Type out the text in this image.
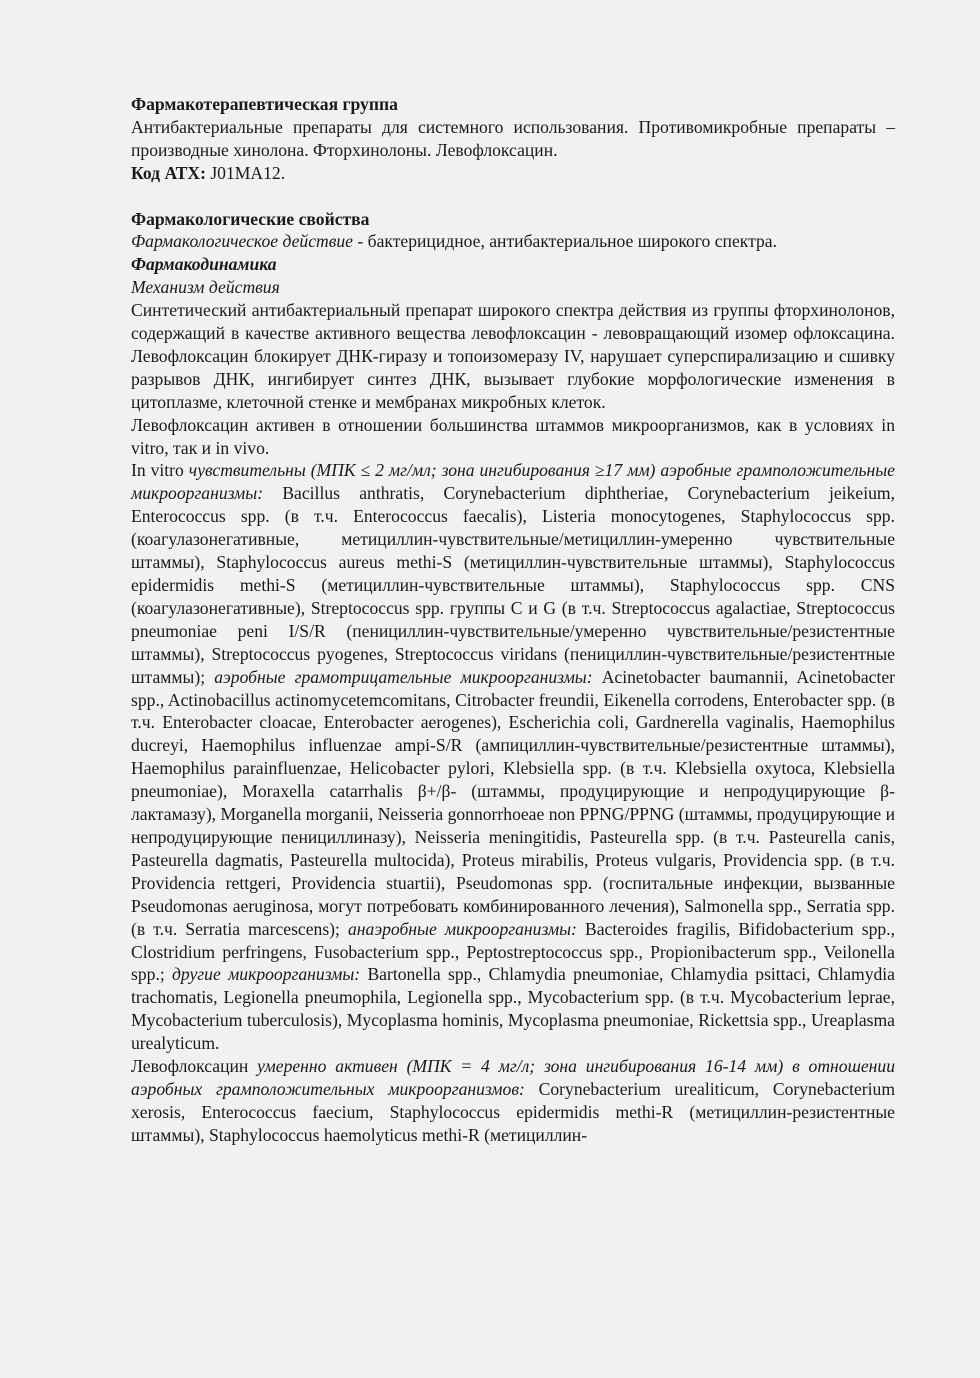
Фармакотерапевтическая группа
Антибактериальные препараты для системного использования. Противомикробные препараты – производные хинолона. Фторхинолоны. Левофлоксацин.
Код АТХ: J01MA12.
Фармакологические свойства
Фармакологическое действие - бактерицидное, антибактериальное широкого спектра.
Фармакодинамика
Механизм действия
Синтетический антибактериальный препарат широкого спектра действия из группы фторхинолонов, содержащий в качестве активного вещества левофлоксацин - левовращающий изомер офлоксацина. Левофлоксацин блокирует ДНК-гиразу и топоизомеразу IV, нарушает суперспирализацию и сшивку разрывов ДНК, ингибирует синтез ДНК, вызывает глубокие морфологические изменения в цитоплазме, клеточной стенке и мембранах микробных клеток.
Левофлоксацин активен в отношении большинства штаммов микроорганизмов, как в условиях in vitro, так и in vivo.
In vitro чувствительны (МПК ≤ 2 мг/мл; зона ингибирования ≥17 мм) аэробные грамположительные микроорганизмы: Bacillus anthratis, Corynebacterium diphtheriae, Corynebacterium jeikeium, Enterococcus spp. (в т.ч. Enterococcus faecalis), Listeria monocytogenes, Staphylococcus spp. (коагулазонегативные, метициллин-чувствительные/метициллин-умеренно чувствительные штаммы), Staphylococcus aureus methi-S (метициллин-чувствительные штаммы), Staphylococcus epidermidis methi-S (метициллин-чувствительные штаммы), Staphylococcus spp. CNS (коагулазонегативные), Streptococcus spp. группы C и G (в т.ч. Streptococcus agalactiae, Streptococcus pneumoniae peni I/S/R (пенициллин-чувствительные/умеренно чувствительные/резистентные штаммы), Streptococcus pyogenes, Streptococcus viridans (пенициллин-чувствительные/резистентные штаммы); аэробные грамотрицательные микроорганизмы: Acinetobacter baumannii, Acinetobacter spp., Actinobacillus actinomycetemcomitans, Citrobacter freundii, Eikenella corrodens, Enterobacter spp. (в т.ч. Enterobacter cloacae, Enterobacter aerogenes), Escherichia coli, Gardnerella vaginalis, Haemophilus ducreyi, Haemophilus influenzae ampi-S/R (ампициллин-чувствительные/резистентные штаммы), Haemophilus parainfluenzae, Helicobacter pylori, Klebsiella spp. (в т.ч. Klebsiella oxytoca, Klebsiella pneumoniae), Moraxella catarrhalis β+/β- (штаммы, продуцирующие и непродуцирующие β-лактамазу), Morganella morganii, Neisseria gonnorrhoeae non PPNG/PPNG (штаммы, продуцирующие и непродуцирующие пенициллиназу), Neisseria meningitidis, Pasteurella spp. (в т.ч. Pasteurella canis, Pasteurella dagmatis, Pasteurella multocida), Proteus mirabilis, Proteus vulgaris, Providencia spp. (в т.ч. Providencia rettgeri, Providencia stuartii), Pseudomonas spp. (госпитальные инфекции, вызванные Pseudomonas aeruginosa, могут потребовать комбинированного лечения), Salmonella spp., Serratia spp. (в т.ч. Serratia marcescens); анаэробные микроорганизмы: Bacteroides fragilis, Bifidobacterium spp., Clostridium perfringens, Fusobacterium spp., Peptostreptococcus spp., Propionibacterum spp., Veilonella spp.; другие микроорганизмы: Bartonella spp., Chlamydia pneumoniae, Chlamydia psittaci, Chlamydia trachomatis, Legionella pneumophila, Legionella spp., Mycobacterium spp. (в т.ч. Mycobacterium leprae, Mycobacterium tuberculosis), Mycoplasma hominis, Mycoplasma pneumoniae, Rickettsia spp., Ureaplasma urealyticum.
Левофлоксацин умеренно активен (МПК = 4 мг/л; зона ингибирования 16-14 мм) в отношении аэробных грамположительных микроорганизмов: Corynebacterium urealiticum, Corynebacterium xerosis, Enterococcus faecium, Staphylococcus epidermidis methi-R (метициллин-резистентные штаммы), Staphylococcus haemolyticus methi-R (метициллин-
